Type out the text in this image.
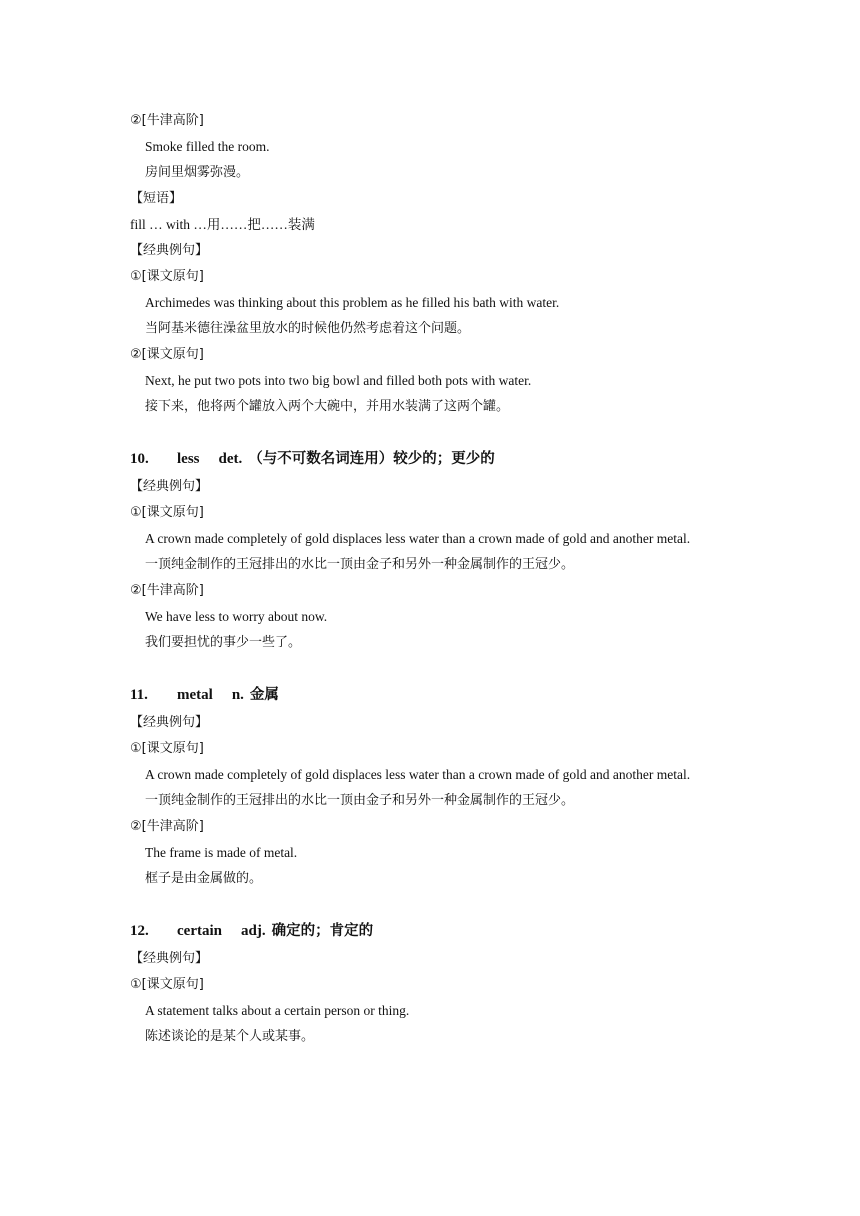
②[牛津高阶]
Smoke filled the room.
房间里烟雾弥漫。
【短语】
fill … with …用……把……装满
【经典例句】
①[课文原句]
Archimedes was thinking about this problem as he filled his bath with water.
当阿基米德往澡盆里放水的时候他仍然考虑着这个问题。
②[课文原句]
Next, he put two pots into two big bowl and filled both pots with water.
接下来，他将两个罐放入两个大碗中，并用水装满了这两个罐。
10. less det. （与不可数名词连用）较少的；更少的
【经典例句】
①[课文原句]
A crown made completely of gold displaces less water than a crown made of gold and another metal.
一顶纯金制作的王冠排出的水比一顶由金子和另外一种金属制作的王冠少。
②[牛津高阶]
We have less to worry about now.
我们要担忧的事少一些了。
11. metal n. 金属
【经典例句】
①[课文原句]
A crown made completely of gold displaces less water than a crown made of gold and another metal.
一顶纯金制作的王冠排出的水比一顶由金子和另外一种金属制作的王冠少。
②[牛津高阶]
The frame is made of metal.
框子是由金属做的。
12. certain adj. 确定的；肯定的
【经典例句】
①[课文原句]
A statement talks about a certain person or thing.
陈述谈论的是某个人或某事。
